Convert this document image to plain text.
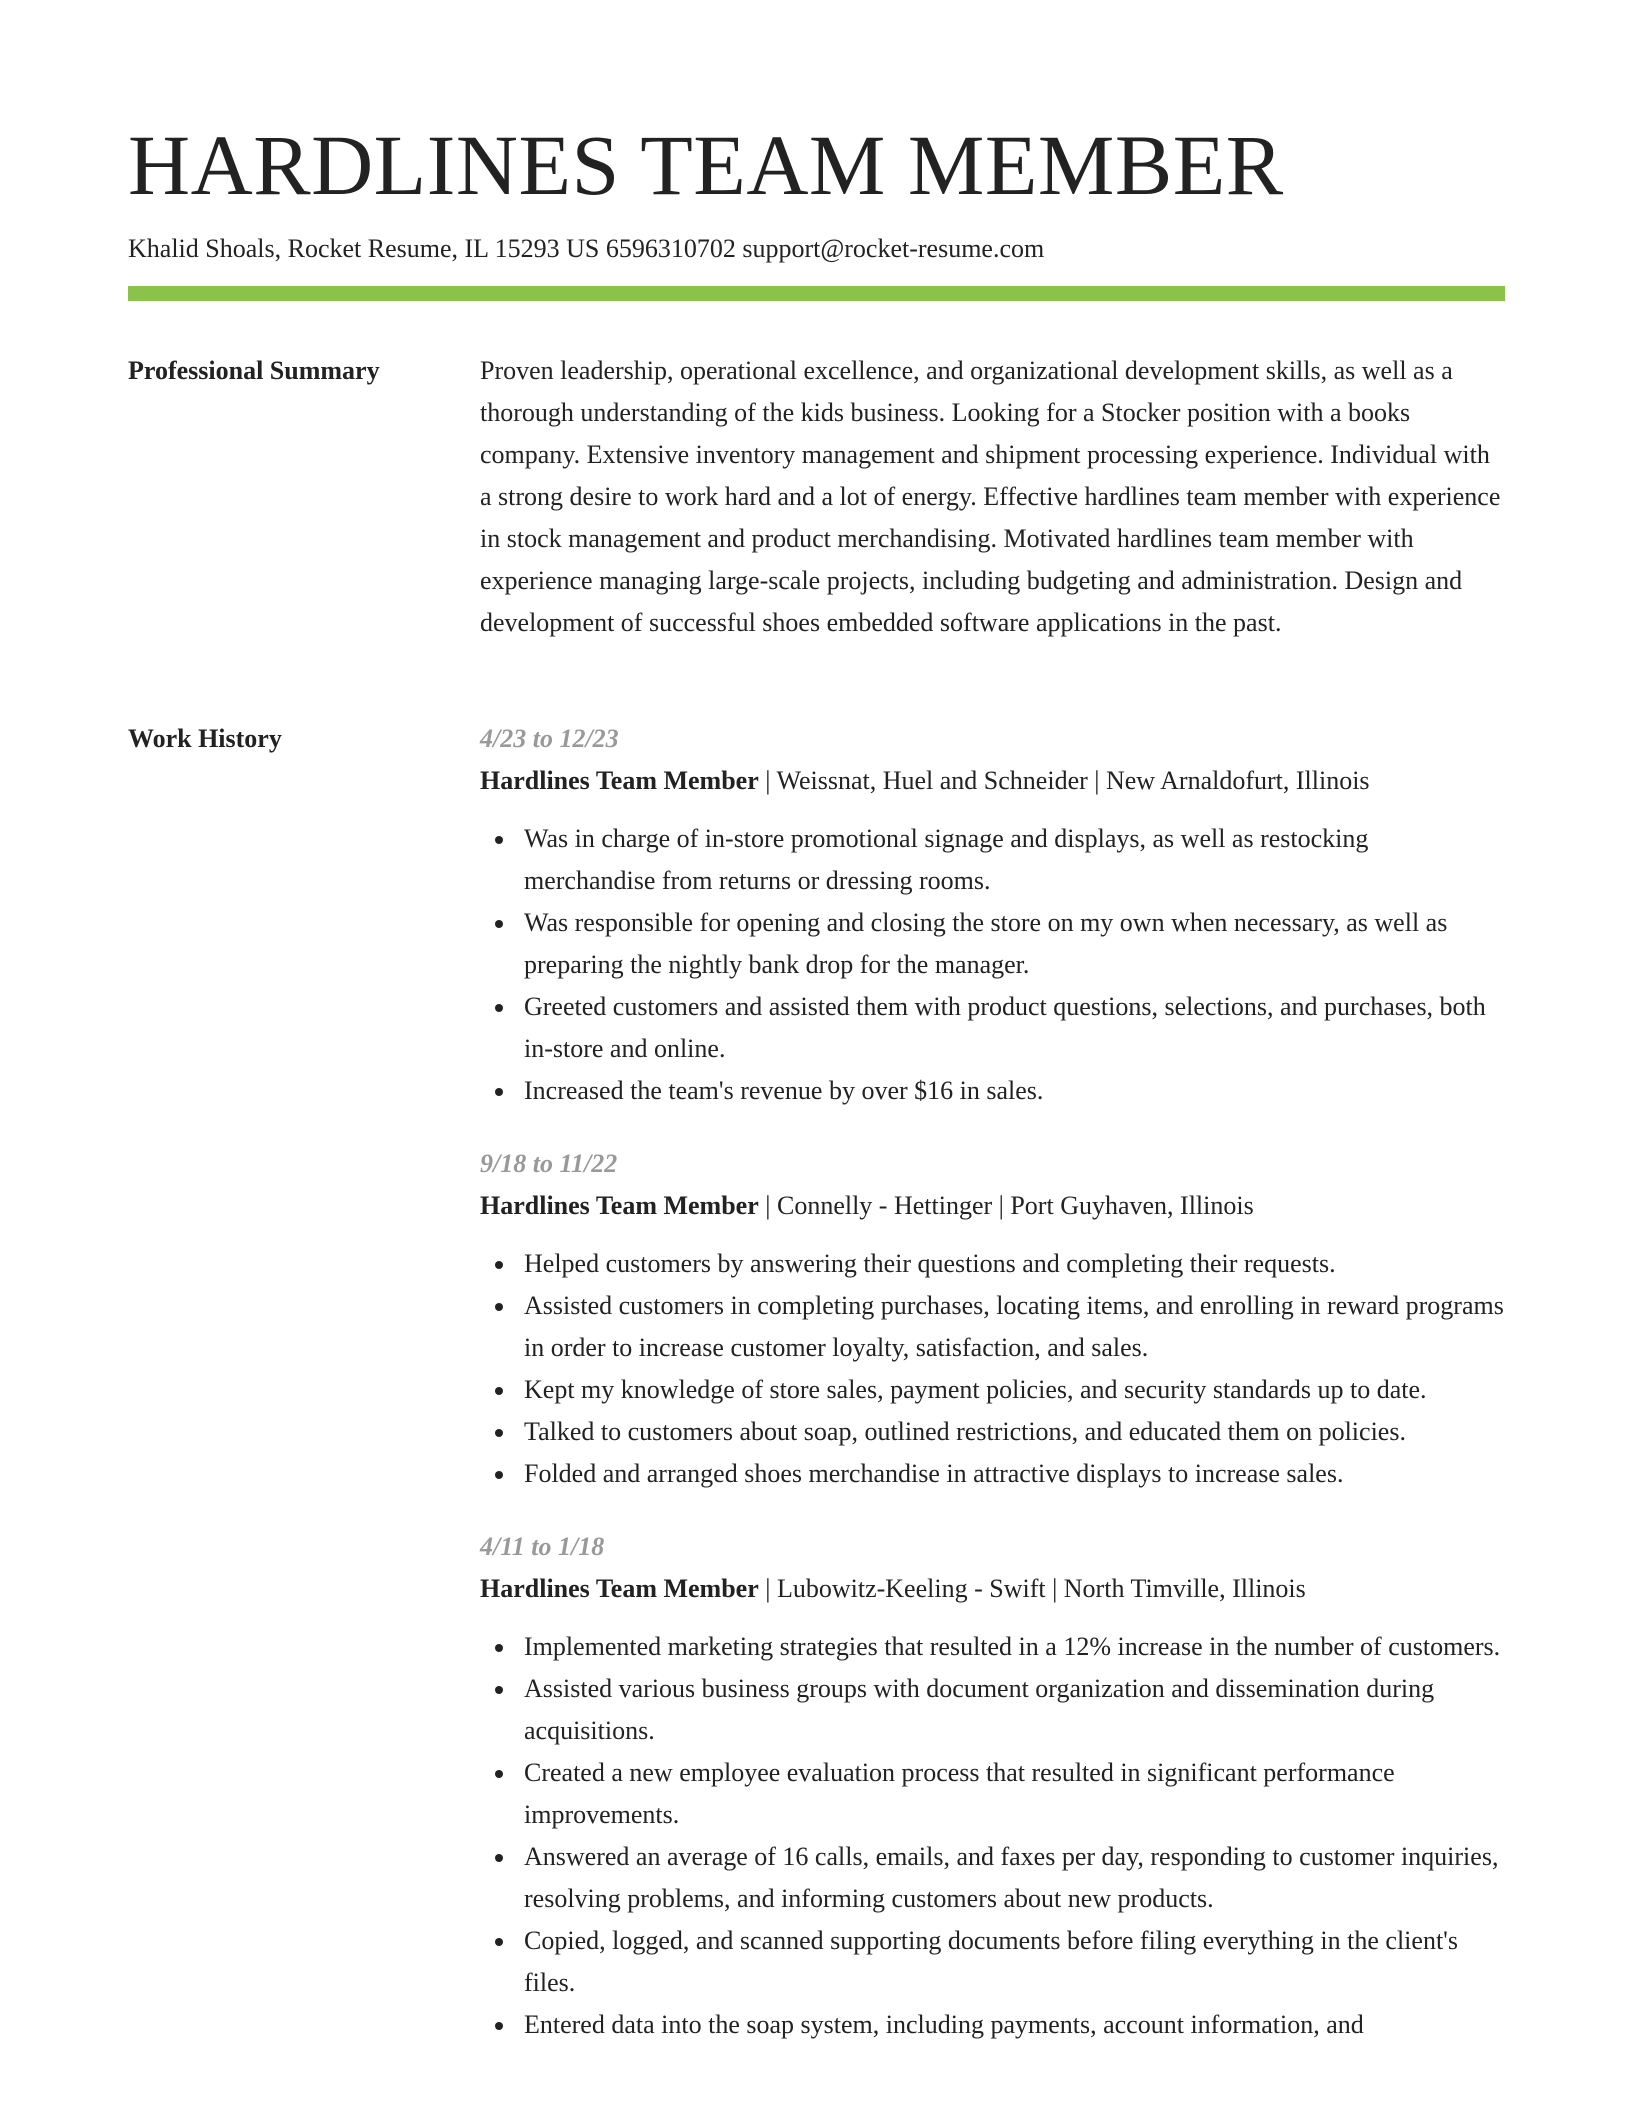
HARDLINES TEAM MEMBER
Khalid Shoals, Rocket Resume, IL 15293 US 6596310702 support@rocket-resume.com
Professional Summary	Proven leadership, operational excellence, and organizational development skills, as well as a thorough understanding of the kids business. Looking for a Stocker position with a books company. Extensive inventory management and shipment processing experience. Individual with a strong desire to work hard and a lot of energy. Effective hardlines team member with experience in stock management and product merchandising. Motivated hardlines team member with experience managing large-scale projects, including budgeting and administration. Design and development of successful shoes embedded software applications in the past.

Work History	4/23 to 12/23
Hardlines Team Member | Weissnat, Huel and Schneider | New Arnaldofurt, Illinois
Was in charge of in-store promotional signage and displays, as well as restocking merchandise from returns or dressing rooms.
Was responsible for opening and closing the store on my own when necessary, as well as preparing the nightly bank drop for the manager.
Greeted customers and assisted them with product questions, selections, and purchases, both in-store and online.
Increased the team's revenue by over $16 in sales.
9/18 to 11/22
Hardlines Team Member | Connelly - Hettinger | Port Guyhaven, Illinois
Helped customers by answering their questions and completing their requests.
Assisted customers in completing purchases, locating items, and enrolling in reward programs in order to increase customer loyalty, satisfaction, and sales.
Kept my knowledge of store sales, payment policies, and security standards up to date.
Talked to customers about soap, outlined restrictions, and educated them on policies.
Folded and arranged shoes merchandise in attractive displays to increase sales.
4/11 to 1/18
Hardlines Team Member | Lubowitz-Keeling - Swift | North Timville, Illinois
Implemented marketing strategies that resulted in a 12% increase in the number of customers.
Assisted various business groups with document organization and dissemination during acquisitions.
Created a new employee evaluation process that resulted in significant performance improvements.
Answered an average of 16 calls, emails, and faxes per day, responding to customer inquiries, resolving problems, and informing customers about new products.
Copied, logged, and scanned supporting documents before filing everything in the client's files.
Entered data into the soap system, including payments, account information, and
